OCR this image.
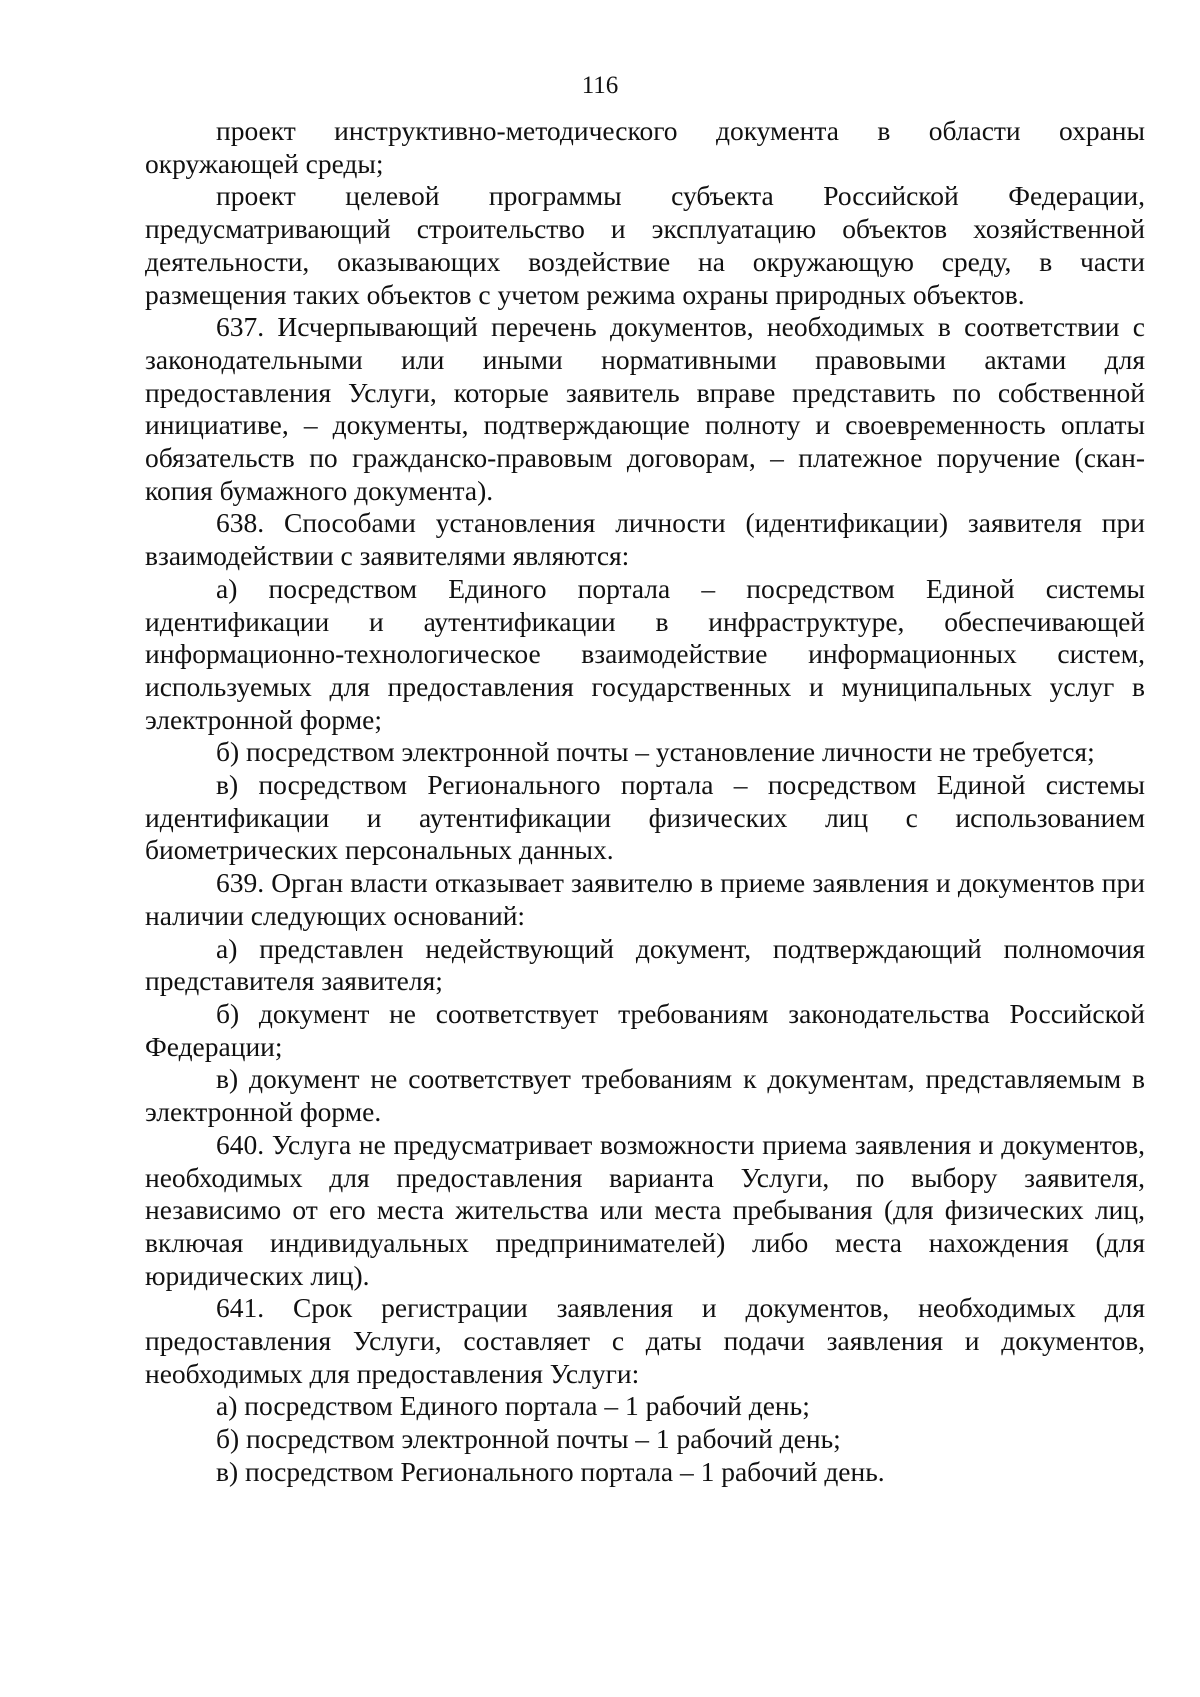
116

проект инструктивно-методического документа в области охраны окружающей среды;

проект целевой программы субъекта Российской Федерации, предусматривающий строительство и эксплуатацию объектов хозяйственной деятельности, оказывающих воздействие на окружающую среду, в части размещения таких объектов с учетом режима охраны природных объектов.

637. Исчерпывающий перечень документов, необходимых в соответствии с законодательными или иными нормативными правовыми актами для предоставления Услуги, которые заявитель вправе представить по собственной инициативе, – документы, подтверждающие полноту и своевременность оплаты обязательств по гражданско-правовым договорам, – платежное поручение (скан-копия бумажного документа).

638. Способами установления личности (идентификации) заявителя при взаимодействии с заявителями являются:

а) посредством Единого портала – посредством Единой системы идентификации и аутентификации в инфраструктуре, обеспечивающей информационно-технологическое взаимодействие информационных систем, используемых для предоставления государственных и муниципальных услуг в электронной форме;

б) посредством электронной почты – установление личности не требуется;

в) посредством Регионального портала – посредством Единой системы идентификации и аутентификации физических лиц с использованием биометрических персональных данных.

639. Орган власти отказывает заявителю в приеме заявления и документов при наличии следующих оснований:

а) представлен недействующий документ, подтверждающий полномочия представителя заявителя;

б) документ не соответствует требованиям законодательства Российской Федерации;

в) документ не соответствует требованиям к документам, представляемым в электронной форме.

640. Услуга не предусматривает возможности приема заявления и документов, необходимых для предоставления варианта Услуги, по выбору заявителя, независимо от его места жительства или места пребывания (для физических лиц, включая индивидуальных предпринимателей) либо места нахождения (для юридических лиц).

641. Срок регистрации заявления и документов, необходимых для предоставления Услуги, составляет с даты подачи заявления и документов, необходимых для предоставления Услуги:

а) посредством Единого портала – 1 рабочий день;

б) посредством электронной почты – 1 рабочий день;

в) посредством Регионального портала – 1 рабочий день.
